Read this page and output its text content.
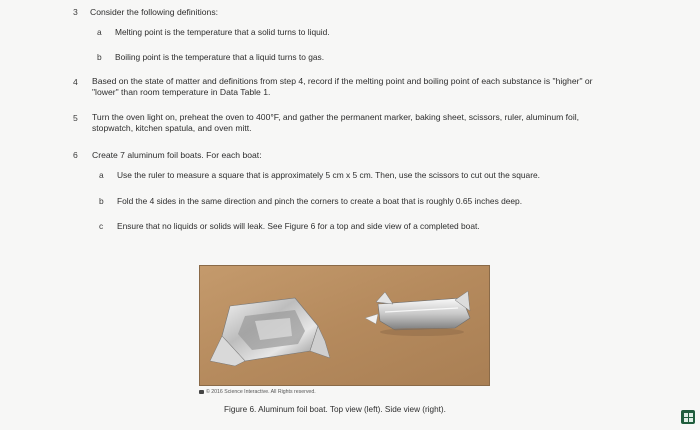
3 Consider the following definitions:
a Melting point is the temperature that a solid turns to liquid.
b Boiling point is the temperature that a liquid turns to gas.
4 Based on the state of matter and definitions from step 4, record if the melting point and boiling point of each substance is "higher" or
"lower" than room temperature in Data Table 1.
5 Turn the oven light on, preheat the oven to 400°F, and gather the permanent marker, baking sheet, scissors, ruler, aluminum foil,
stopwatch, kitchen spatula, and oven mitt.
6 Create 7 aluminum foil boats. For each boat:
a Use the ruler to measure a square that is approximately 5 cm x 5 cm. Then, use the scissors to cut out the square.
b Fold the 4 sides in the same direction and pinch the corners to create a boat that is roughly 0.65 inches deep.
c Ensure that no liquids or solids will leak. See Figure 6 for a top and side view of a completed boat.
© 2016 Science Interactive. All Rights reserved.
Figure 6. Aluminum foil boat. Top view (left). Side view (right).
